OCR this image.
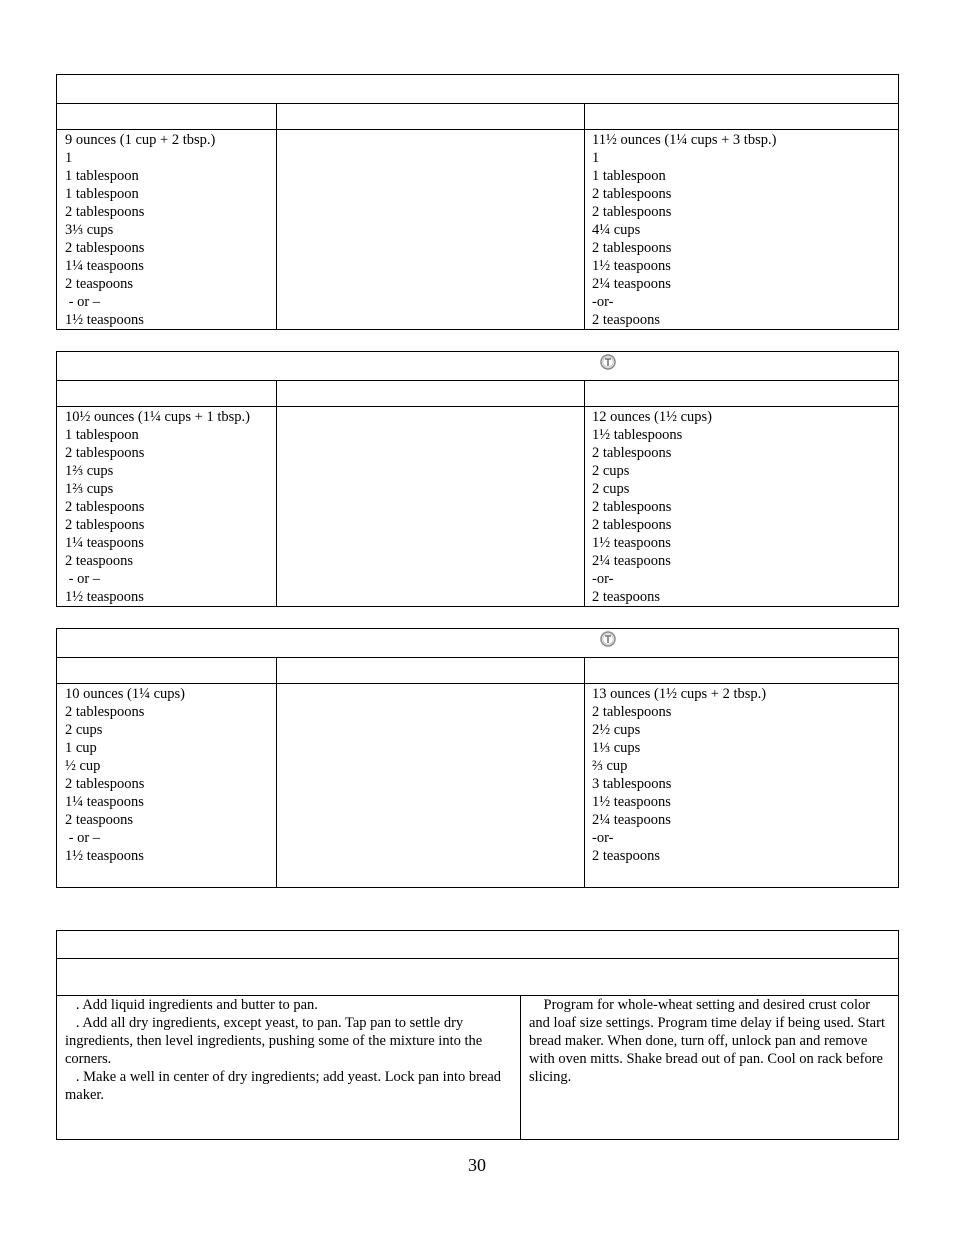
9 ounces (1 cup + 2 tbsp.)
1
1 tablespoon
1 tablespoon
2 tablespoons
3⅓ cups
2 tablespoons
1¼ teaspoons
2 teaspoons
- or –
1½ teaspoons
11½ ounces (1¼ cups + 3 tbsp.)
1
1 tablespoon
2 tablespoons
2 tablespoons
4¼ cups
2 tablespoons
1½ teaspoons
2¼ teaspoons
-or-
2 teaspoons
10½ ounces (1¼ cups + 1 tbsp.)
1 tablespoon
2 tablespoons
1⅔ cups
1⅔ cups
2 tablespoons
2 tablespoons
1¼ teaspoons
2 teaspoons
- or –
1½ teaspoons
12 ounces (1½ cups)
1½ tablespoons
2 tablespoons
2 cups
2 cups
2 tablespoons
2 tablespoons
1½ teaspoons
2¼ teaspoons
-or-
2 teaspoons
10 ounces (1¼ cups)
2 tablespoons
2 cups
1 cup
½ cup
2 tablespoons
1¼ teaspoons
2 teaspoons
- or –
1½ teaspoons
13 ounces (1½ cups + 2 tbsp.)
2 tablespoons
2½ cups
1⅓ cups
⅔ cup
3 tablespoons
1½ teaspoons
2¼ teaspoons
-or-
2 teaspoons
. Add liquid ingredients and butter to pan.
. Add all dry ingredients, except yeast, to pan. Tap pan to settle dry ingredients, then level ingredients, pushing some of the mixture into the corners.
. Make a well in center of dry ingredients; add yeast. Lock pan into bread maker.
Program for whole-wheat setting and desired crust color and loaf size settings. Program time delay if being used. Start bread maker. When done, turn off, unlock pan and remove with oven mitts. Shake bread out of pan. Cool on rack before slicing.
30
